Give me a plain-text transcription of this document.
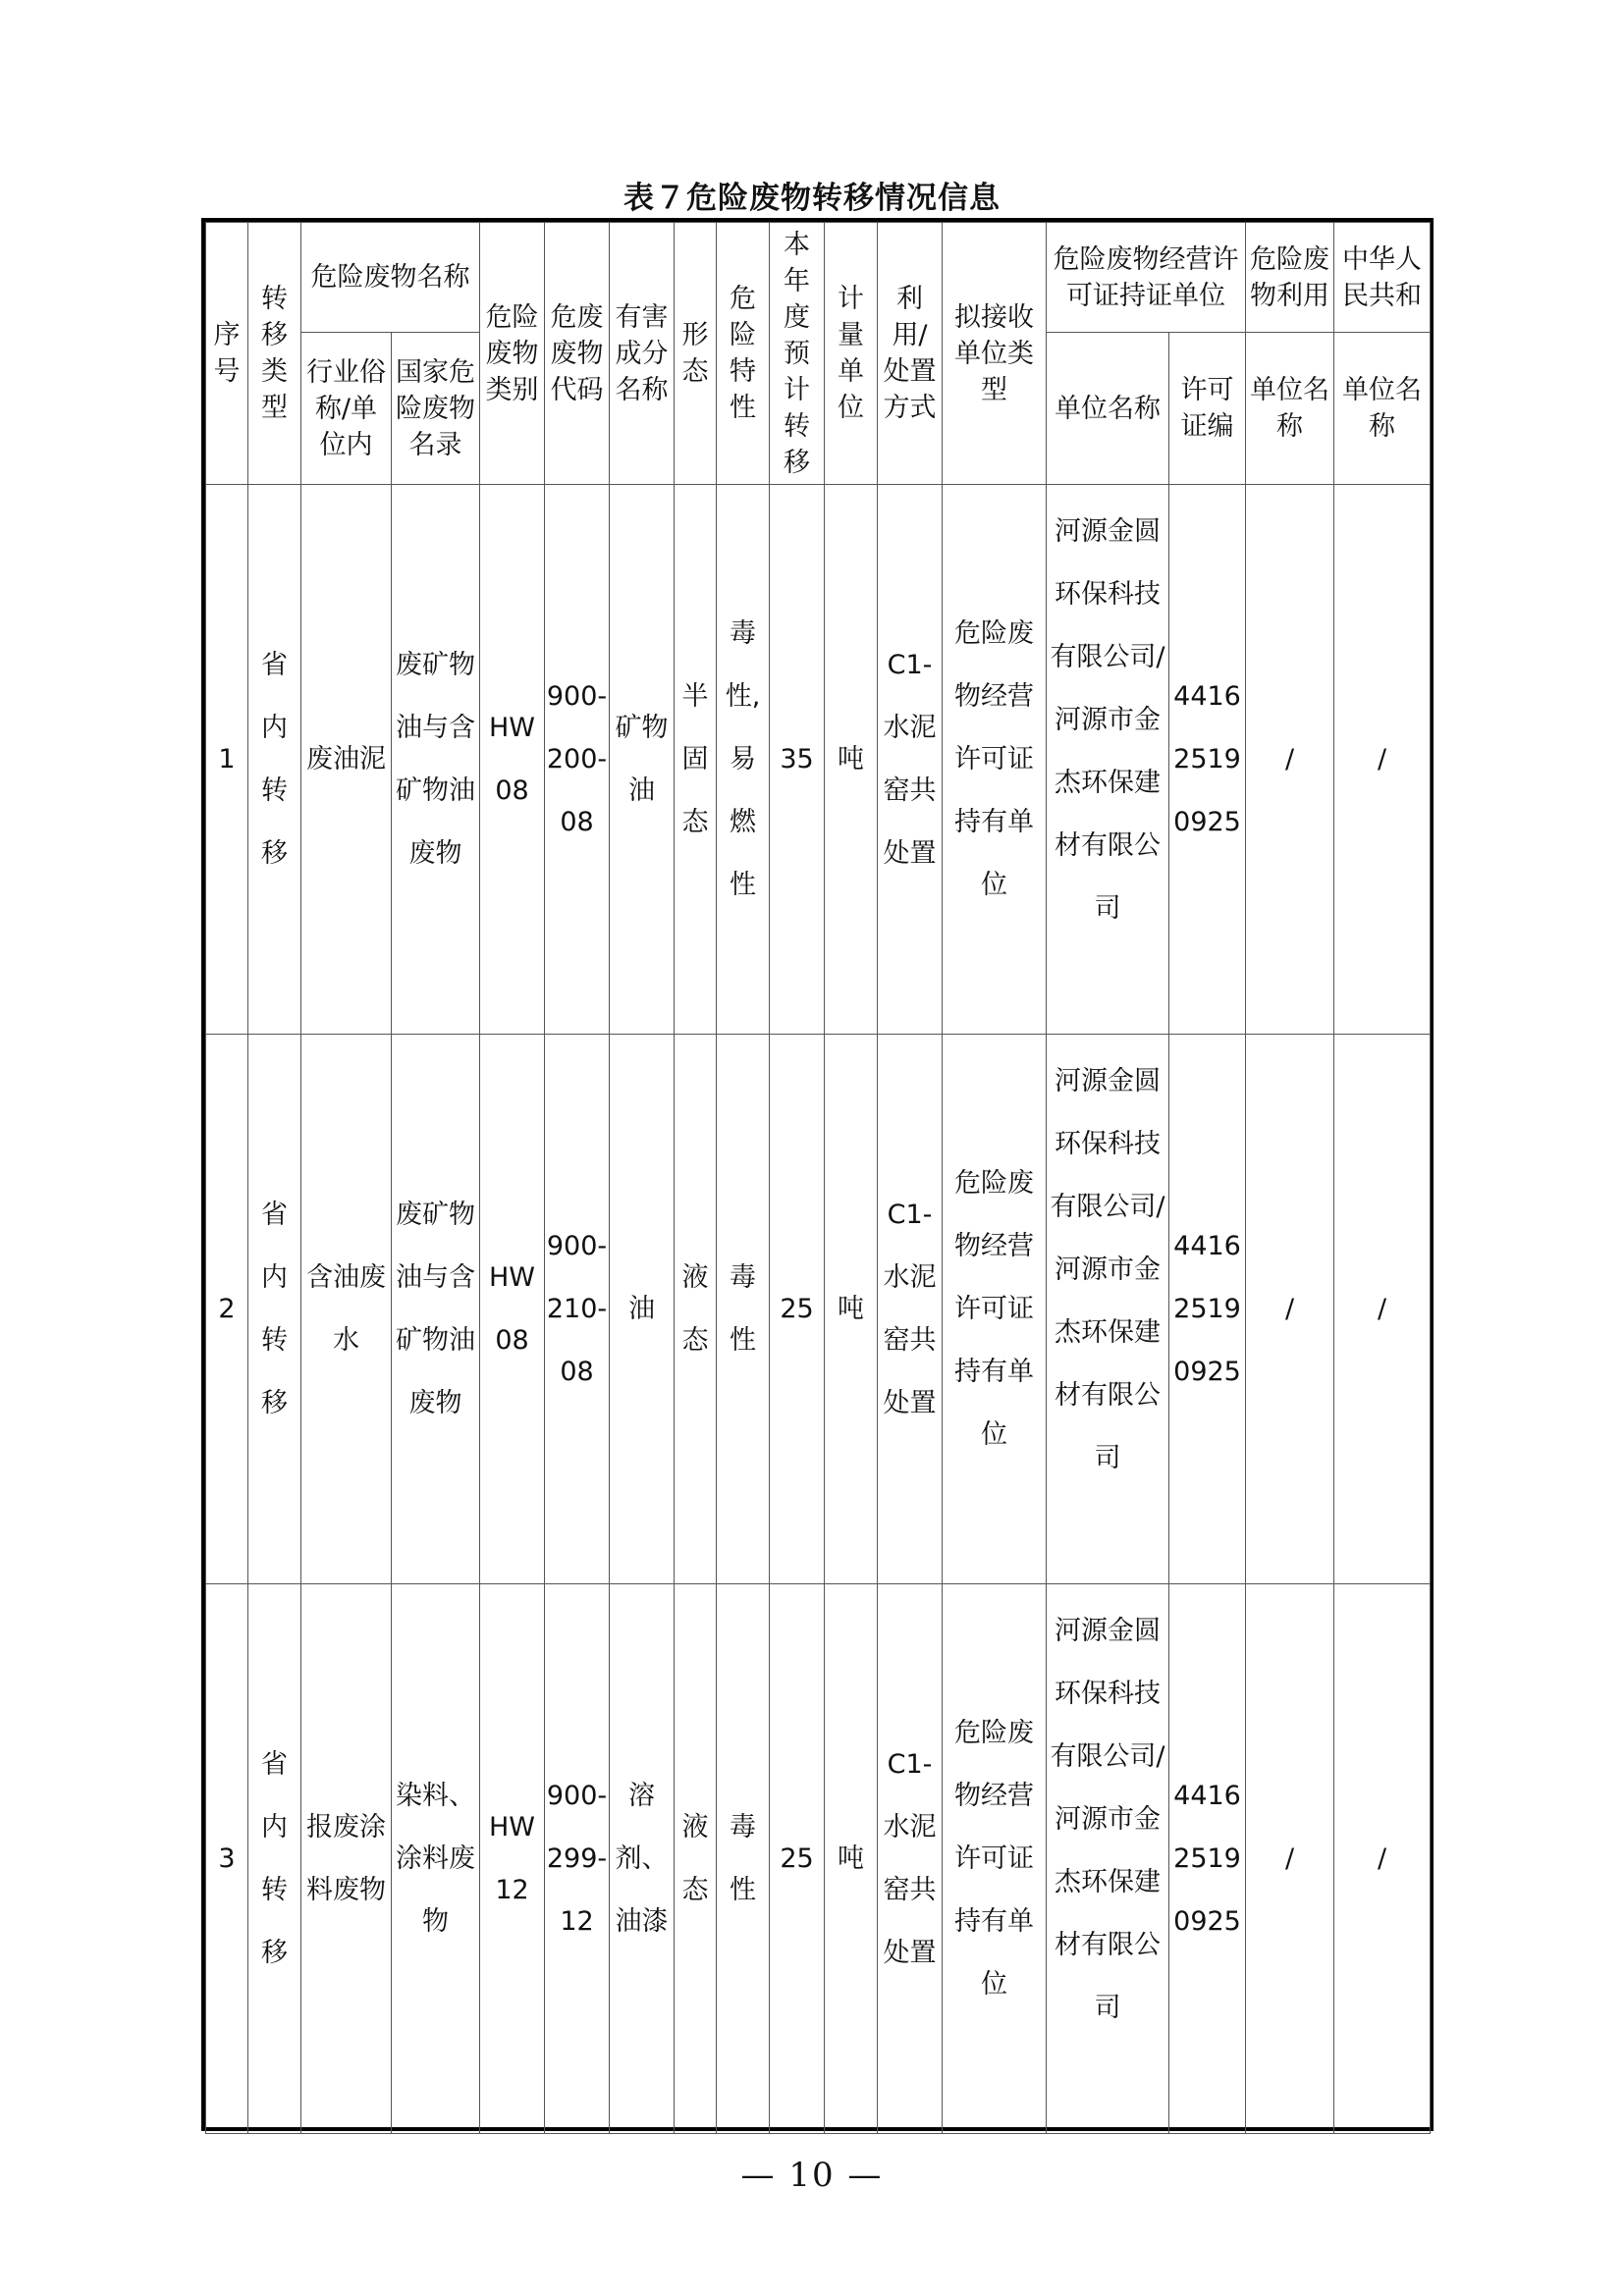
表７危险废物转移情况信息
序号	转移类型	危险废物名称		危险废物类别	危废废物代码	有害成分名称	形态	危险特性	本年度预计转移	计量单位	利用/处置方式	拟接收单位类型	危险废物经营许可证持证单位		危险废物利用	中华人民共和
		行业俗称/单位内	国家危险废物名录										单位名称	许可证编	单位名称	单位名称
1	省内转移	废油泥	废矿物油与含矿物油废物	HW08	900-200-08	矿物油	半固态	毒性,易燃性	35	吨	C1-水泥窑共处置	危险废物经营许可证持有单位	河源金圆环保科技有限公司/河源市金杰环保建材有限公司	441625190925	/	/
2	省内转移	含油废水	废矿物油与含矿物油废物	HW08	900-210-08	油	液态	毒性	25	吨	C1-水泥窑共处置	危险废物经营许可证持有单位	河源金圆环保科技有限公司/河源市金杰环保建材有限公司	441625190925	/	/
3	省内转移	报废涂料废物	染料、涂料废物	HW12	900-299-12	溶剂、油漆	液态	毒性	25	吨	C1-水泥窑共处置	危险废物经营许可证持有单位	河源金圆环保科技有限公司/河源市金杰环保建材有限公司	441625190925	/	/
— 10 —
